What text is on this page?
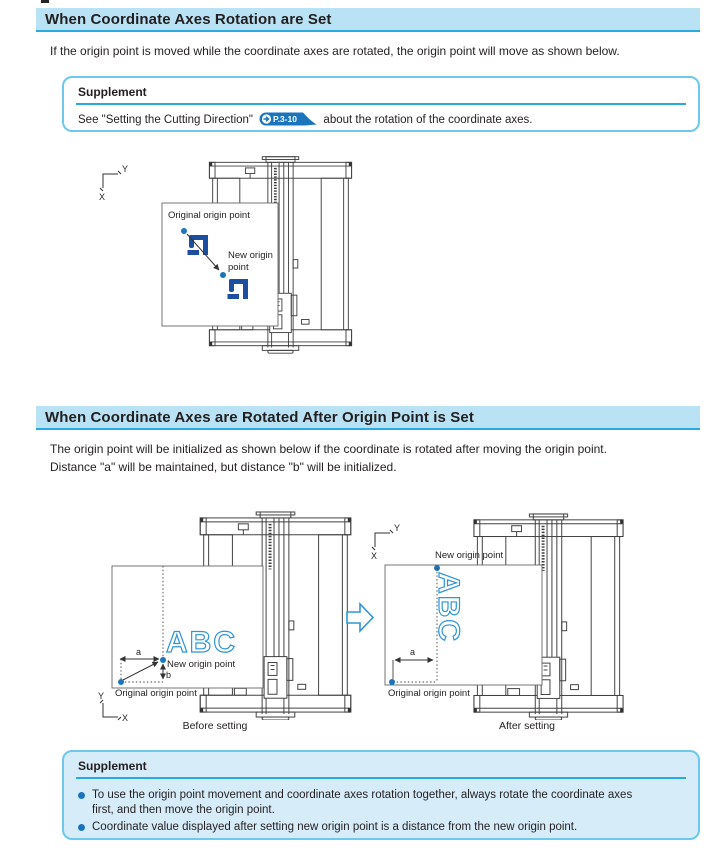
When Coordinate Axes Rotation are Set
If the origin point is moved while the coordinate axes are rotated, the origin point will move as shown below.
Supplement
See "Setting the Cutting Direction" P.3-10 about the rotation of the coordinate axes.
Y
X
Original origin point
New origin
point
When Coordinate Axes are Rotated After Origin Point is Set
The origin point will be initialized as shown below if the coordinate is rotated after moving the origin point.
Distance "a" will be maintained, but distance "b" will be initialized.
ABC
a
New origin point
b
Original origin point
Y
X
Before setting
Y
X	New origin point
ABC
a
Original origin point
After setting
Supplement
To use the origin point movement and coordinate axes rotation together, always rotate the coordinate axes first, and then move the origin point.
Coordinate value displayed after setting new origin point is a distance from the new origin point.
